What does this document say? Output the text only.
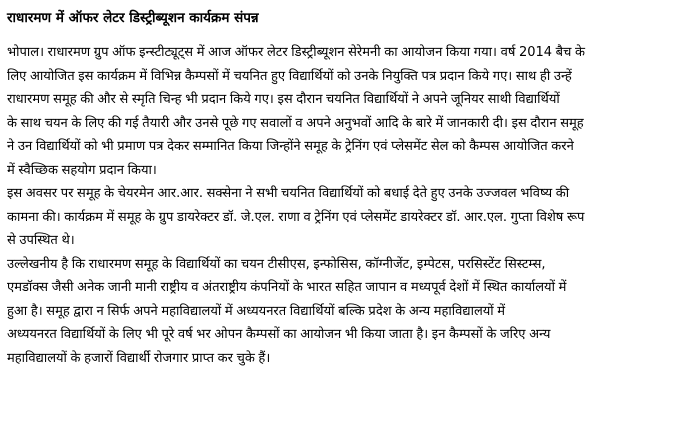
राधारमण में ऑफर लेटर डिस्ट्रीब्यूशन कार्यक्रम संपन्न

भोपाल। राधारमण ग्रुप ऑफ इन्स्टीट्यूट्स में आज ऑफर लेटर डिस्ट्रीब्यूशन सेरेमनी का आयोजन किया गया। वर्ष 2014 बैच के
लिए आयोजित इस कार्यक्रम में विभिन्न कैम्पसों में चयनित हुए विद्यार्थियों को उनके नियुक्ति पत्र प्रदान किये गए। साथ ही उन्हें
राधारमण समूह की और से स्मृति चिन्ह भी प्रदान किये गए। इस दौरान चयनित विद्यार्थियों ने अपने जूनियर साथी विद्यार्थियों
के साथ चयन के लिए की गई तैयारी और उनसे पूछे गए सवालों व अपने अनुभवों आदि के बारे में जानकारी दी। इस दौरान समूह
ने उन विद्यार्थियों को भी प्रमाण पत्र देकर सम्मानित किया जिन्होंने समूह के ट्रेनिंग एवं प्लेसमेंट सेल को कैम्पस आयोजित करने
में स्वैच्छिक सहयोग प्रदान किया।

इस अवसर पर समूह के चेयरमेन आर.आर. सक्सेना ने सभी चयनित विद्यार्थियों को बधाई देते हुए उनके उज्जवल भविष्य की
कामना की। कार्यक्रम में समूह के ग्रुप डायरेक्टर डॉ. जे.एल. राणा व ट्रेनिंग एवं प्लेसमेंट डायरेक्टर डॉ. आर.एल. गुप्ता विशेष रूप
से उपस्थित थे।

उल्लेखनीय है कि राधारमण समूह के विद्यार्थियों का चयन टीसीएस, इन्फोसिस, कॉग्नीजेंट, इम्पेटस, परसिस्टेंट सिस्टम्स,
एमडॉक्स जैसी अनेक जानी मानी राष्ट्रीय व अंतराष्ट्रीय कंपनियों के भारत सहित जापान व मध्यपूर्व देशों में स्थित कार्यालयों में
हुआ है। समूह द्वारा न सिर्फ अपने महाविद्यालयों में अध्ययनरत विद्यार्थियों बल्कि प्रदेश के अन्य महाविद्यालयों में
अध्ययनरत विद्यार्थियों के लिए भी पूरे वर्ष भर ओपन कैम्पसों का आयोजन भी किया जाता है। इन कैम्पसों के जरिए अन्य
महाविद्यालयों के हजारों विद्यार्थी रोजगार प्राप्त कर चुके हैं।
